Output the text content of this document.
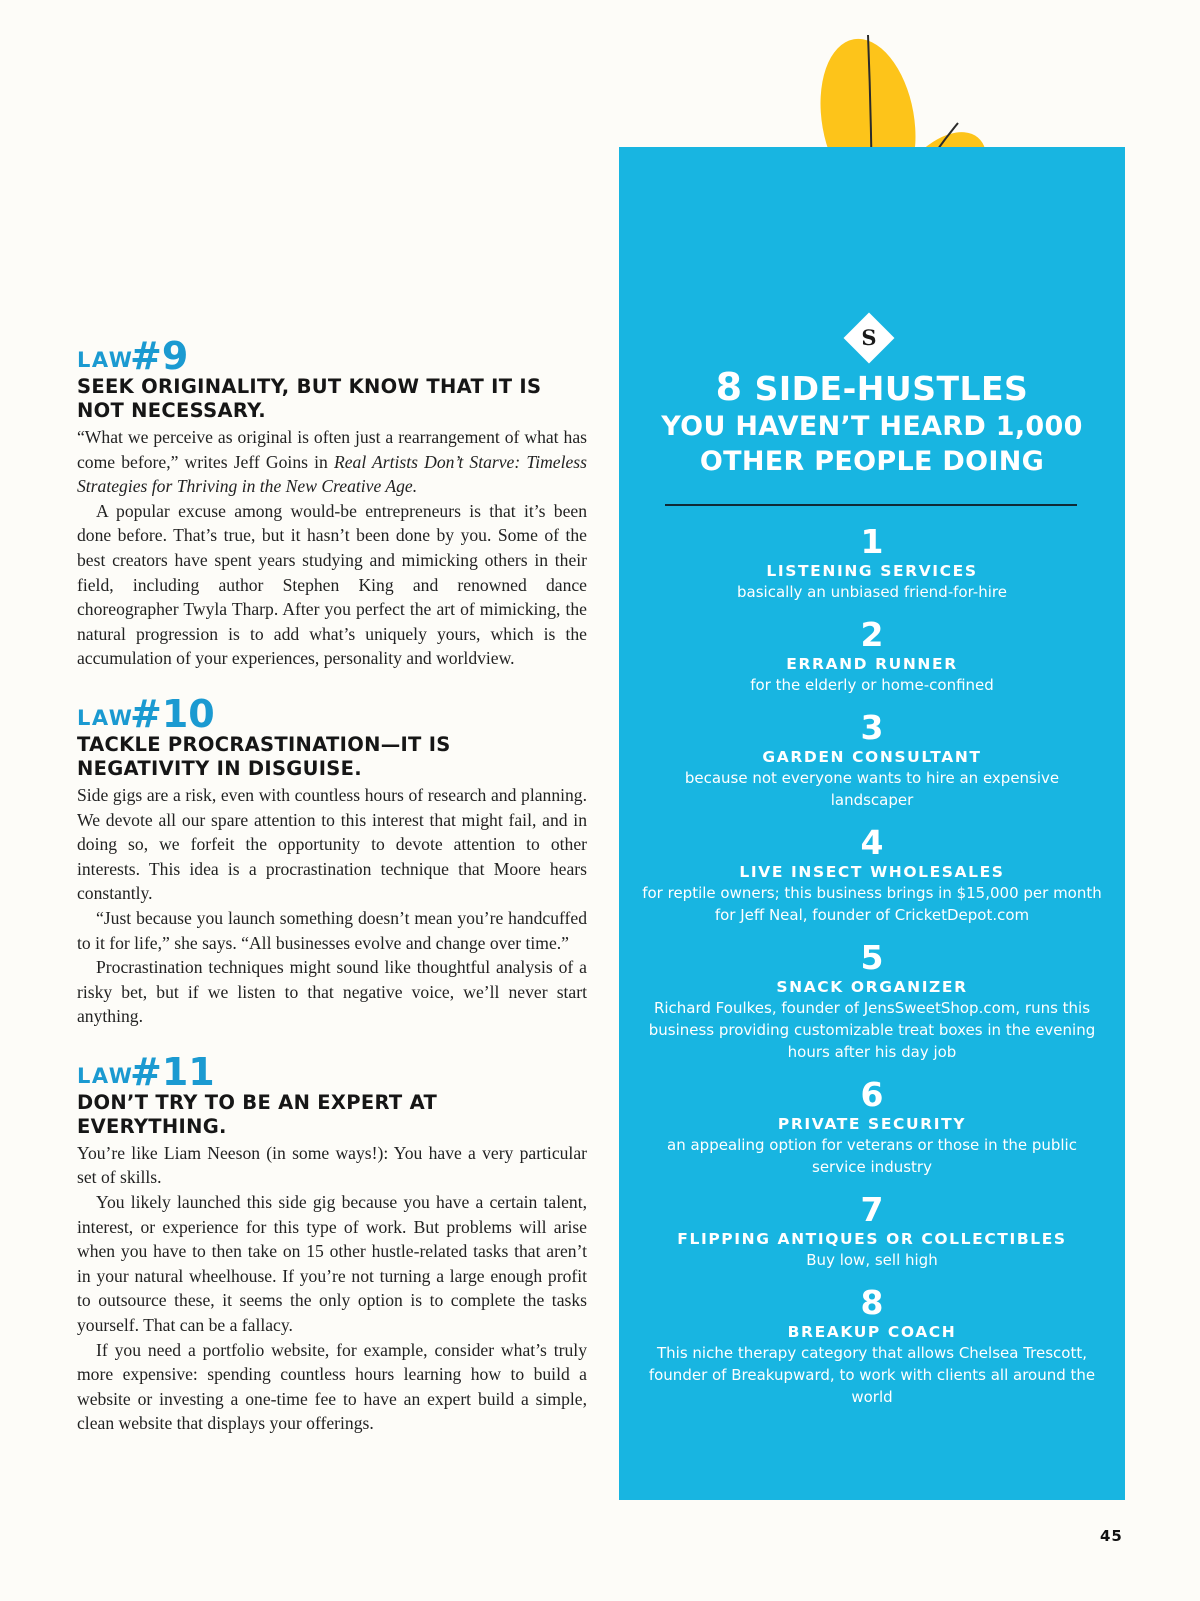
LAW
#9
SEEK ORIGINALITY, BUT KNOW THAT IT IS NOT NECESSARY.

“What we perceive as original is often just a rearrangement of what has come before,” writes Jeff Goins in Real Artists Don’t Starve: Timeless Strategies for Thriving in the New Creative Age.

A popular excuse among would-be entrepreneurs is that it’s been done before. That’s true, but it hasn’t been done by you. Some of the best creators have spent years studying and mimicking others in their field, including author Stephen King and renowned dance choreographer Twyla Tharp. After you perfect the art of mimicking, the natural progression is to add what’s uniquely yours, which is the accumulation of your experiences, personality and worldview.

LAW
#10
TACKLE PROCRASTINATION—IT IS NEGATIVITY IN DISGUISE.

Side gigs are a risk, even with countless hours of research and planning. We devote all our spare attention to this interest that might fail, and in doing so, we forfeit the opportunity to devote attention to other interests. This idea is a procrastination technique that Moore hears constantly.

“Just because you launch something doesn’t mean you’re handcuffed to it for life,” she says. “All businesses evolve and change over time.”

Procrastination techniques might sound like thoughtful analysis of a risky bet, but if we listen to that negative voice, we’ll never start anything.

LAW
#11
DON’T TRY TO BE AN EXPERT AT EVERYTHING.

You’re like Liam Neeson (in some ways!): You have a very particular set of skills.

You likely launched this side gig because you have a certain talent, interest, or experience for this type of work. But problems will arise when you have to then take on 15 other hustle-related tasks that aren’t in your natural wheelhouse. If you’re not turning a large enough profit to outsource these, it seems the only option is to complete the tasks yourself. That can be a fallacy.

If you need a portfolio website, for example, consider what’s truly more expensive: spending countless hours learning how to build a website or investing a one-time fee to have an expert build a simple, clean website that displays your offerings.

S
8 SIDE-HUSTLES
YOU HAVEN’T HEARD 1,000
OTHER PEOPLE DOING
1
LISTENING SERVICES
basically an unbiased friend-for-hire
2
ERRAND RUNNER
for the elderly or home-confined
3
GARDEN CONSULTANT
because not everyone wants to hire an expensive landscaper
4
LIVE INSECT WHOLESALES
for reptile owners; this business brings in $15,000 per month for Jeff Neal, founder of CricketDepot.com
5
SNACK ORGANIZER
Richard Foulkes, founder of JensSweetShop.com, runs this business providing customizable treat boxes in the evening hours after his day job
6
PRIVATE SECURITY
an appealing option for veterans or those in the public service industry
7
FLIPPING ANTIQUES OR COLLECTIBLES
Buy low, sell high
8
BREAKUP COACH
This niche therapy category that allows Chelsea Trescott, founder of Breakupward, to work with clients all around the world
45
